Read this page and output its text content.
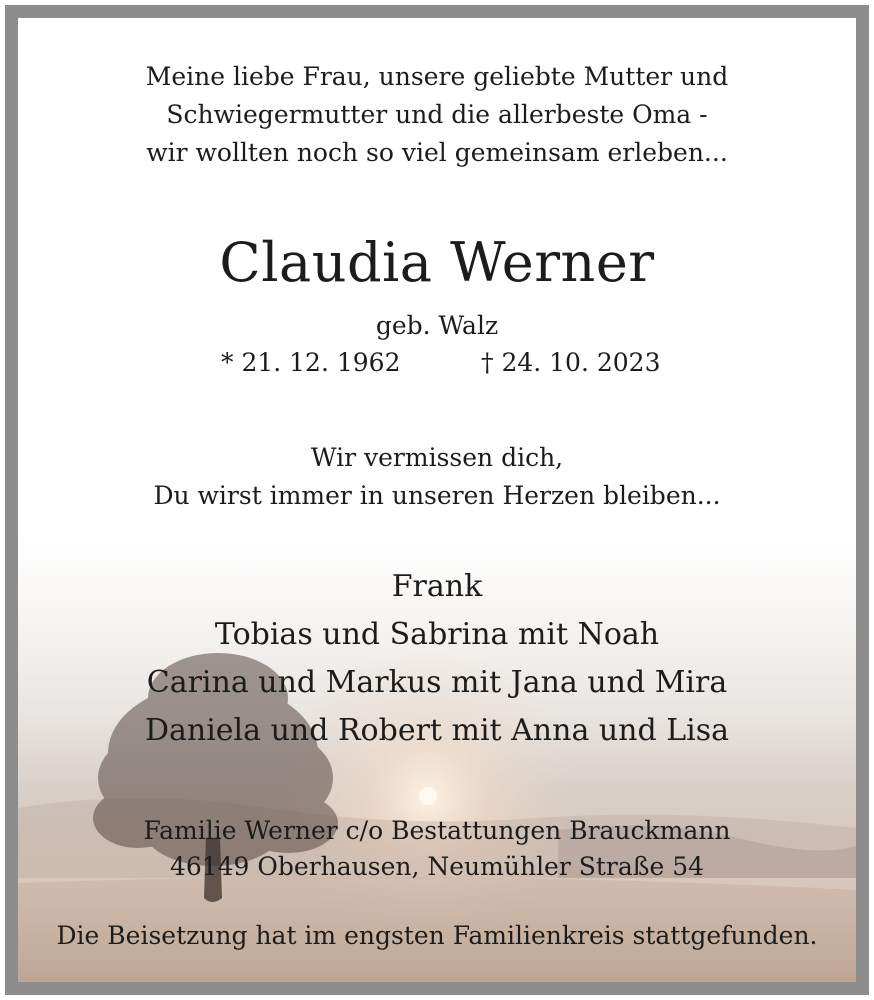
Meine liebe Frau, unsere geliebte Mutter und
Schwiegermutter und die allerbeste Oma -
wir wollten noch so viel gemeinsam erleben...
Claudia Werner
geb. Walz
* 21. 12. 1962	† 24. 10. 2023
Wir vermissen dich,
Du wirst immer in unseren Herzen bleiben...
Frank
Tobias und Sabrina mit Noah
Carina und Markus mit Jana und Mira
Daniela und Robert mit Anna und Lisa
Familie Werner c/o Bestattungen Brauckmann
46149 Oberhausen, Neumühler Straße 54
Die Beisetzung hat im engsten Familienkreis stattgefunden.
